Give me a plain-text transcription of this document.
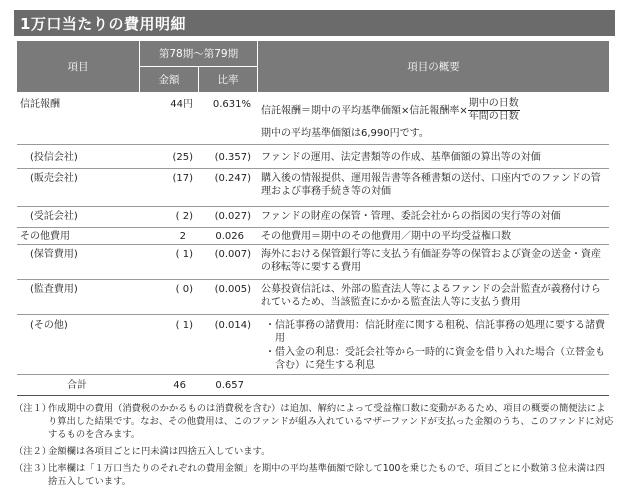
1万口当たりの費用明細
項目
第78期〜第79期
金額	比率
項目の概要
信託報酬	44円	0.631%
信託報酬＝期中の平均基準価額×信託報酬率× $\frac{\text{期中の日数}}{\text{年間の日数}}$
期中の平均基準価額は6,990円です。
(投信会社)	(25)	(0.357) ファンドの運用、法定書類等の作成、基準価額の算出等の対価
(販売会社)	(17)	(0.247) 購入後の情報提供、運用報告書等各種書類の送付、口座内でのファンドの管理および事務手続き等の対価
(受託会社)	( 2)	(0.027) ファンドの財産の保管・管理、委託会社からの指図の実行等の対価
その他費用	2	0.026 その他費用＝期中のその他費用／期中の平均受益権口数
(保管費用)	( 1)	(0.007) 海外における保管銀行等に支払う有価証券等の保管および資金の送金・資産の移転等に要する費用
(監査費用)	( 0)	(0.005) 公募投資信託は、外部の監査法人等によるファンドの会計監査が義務付けられているため、当該監査にかかる監査法人等に支払う費用
(その他)	( 1)	(0.014) ・ 信託事務の諸費用：信託財産に関する租税、信託事務の処理に要する諸費用
・ 借入金の利息：受託会社等から一時的に資金を借り入れた場合（立替金も含む）に発生する利息
合計	46	0.657
（注１）
作成期中の費用（消費税のかかるものは消費税を含む）は追加、解約によって受益権口数に変動があるため、項目の概要の簡便法により算出した結果です。なお、その他費用は、このファンドが組み入れているマザーファンドが支払った金額のうち、このファンドに対応するものを含みます。
（注２）
金額欄は各項目ごとに円未満は四捨五入しています。
（注３）
比率欄は「１万口当たりのそれぞれの費用金額」を期中の平均基準価額で除して100を乗じたもので、項目ごとに小数第３位未満は四捨五入しています。
